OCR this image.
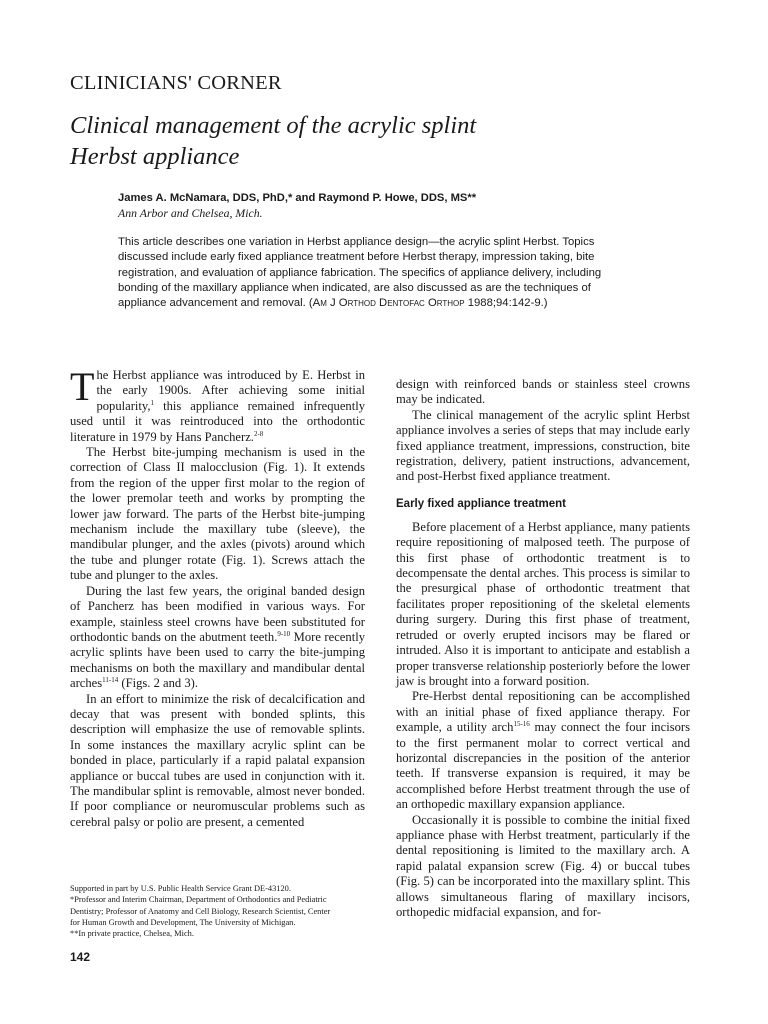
CLINICIANS' CORNER
Clinical management of the acrylic splint
Herbst appliance
James A. McNamara, DDS, PhD,* and Raymond P. Howe, DDS, MS**
Ann Arbor and Chelsea, Mich.
This article describes one variation in Herbst appliance design—the acrylic splint Herbst. Topics
discussed include early fixed appliance treatment before Herbst therapy, impression taking, bite
registration, and evaluation of appliance fabrication. The specifics of appliance delivery, including
bonding of the maxillary appliance when indicated, are also discussed as are the techniques of
appliance advancement and removal. (Am J Orthod Dentofac Orthop 1988;94:142-9.)

The Herbst appliance was introduced by E. Herbst in the early 1900s. After achieving some initial popularity,$^1$ this appliance remained infrequently used until it was reintroduced into the orthodontic literature in 1979 by Hans Pancherz.$^{2-8}$

The Herbst bite-jumping mechanism is used in the correction of Class II malocclusion (Fig. 1). It extends from the region of the upper first molar to the region of the lower premolar teeth and works by prompting the lower jaw forward. The parts of the Herbst bite-jumping mechanism include the maxillary tube (sleeve), the mandibular plunger, and the axles (pivots) around which the tube and plunger rotate (Fig. 1). Screws attach the tube and plunger to the axles.

During the last few years, the original banded design of Pancherz has been modified in various ways. For example, stainless steel crowns have been substituted for orthodontic bands on the abutment teeth.$^{9-10}$ More recently acrylic splints have been used to carry the bite-jumping mechanisms on both the maxillary and mandibular dental arches$^{11-14}$ (Figs. 2 and 3).

In an effort to minimize the risk of decalcification and decay that was present with bonded splints, this description will emphasize the use of removable splints. In some instances the maxillary acrylic splint can be bonded in place, particularly if a rapid palatal expansion appliance or buccal tubes are used in conjunction with it. The mandibular splint is removable, almost never bonded. If poor compliance or neuromuscular problems such as cerebral palsy or polio are present, a cemented

design with reinforced bands or stainless steel crowns may be indicated.

The clinical management of the acrylic splint Herbst appliance involves a series of steps that may include early fixed appliance treatment, impressions, construction, bite registration, delivery, patient instructions, advancement, and post-Herbst fixed appliance treatment.

Early fixed appliance treatment

Before placement of a Herbst appliance, many patients require repositioning of malposed teeth. The purpose of this first phase of orthodontic treatment is to decompensate the dental arches. This process is similar to the presurgical phase of orthodontic treatment that facilitates proper repositioning of the skeletal elements during surgery. During this first phase of treatment, retruded or overly erupted incisors may be flared or intruded. Also it is important to anticipate and establish a proper transverse relationship posteriorly before the lower jaw is brought into a forward position.

Pre-Herbst dental repositioning can be accomplished with an initial phase of fixed appliance therapy. For example, a utility arch$^{15-16}$ may connect the four incisors to the first permanent molar to correct vertical and horizontal discrepancies in the position of the anterior teeth. If transverse expansion is required, it may be accomplished before Herbst treatment through the use of an orthopedic maxillary expansion appliance.

Occasionally it is possible to combine the initial fixed appliance phase with Herbst treatment, particularly if the dental repositioning is limited to the maxillary arch. A rapid palatal expansion screw (Fig. 4) or buccal tubes (Fig. 5) can be incorporated into the maxillary splint. This allows simultaneous flaring of maxillary incisors, orthopedic midfacial expansion, and for-

Supported in part by U.S. Public Health Service Grant DE-43120.
*Professor and Interim Chairman, Department of Orthodontics and Pediatric
Dentistry; Professor of Anatomy and Cell Biology, Research Scientist, Center
for Human Growth and Development, The University of Michigan.
**In private practice, Chelsea, Mich.
142
